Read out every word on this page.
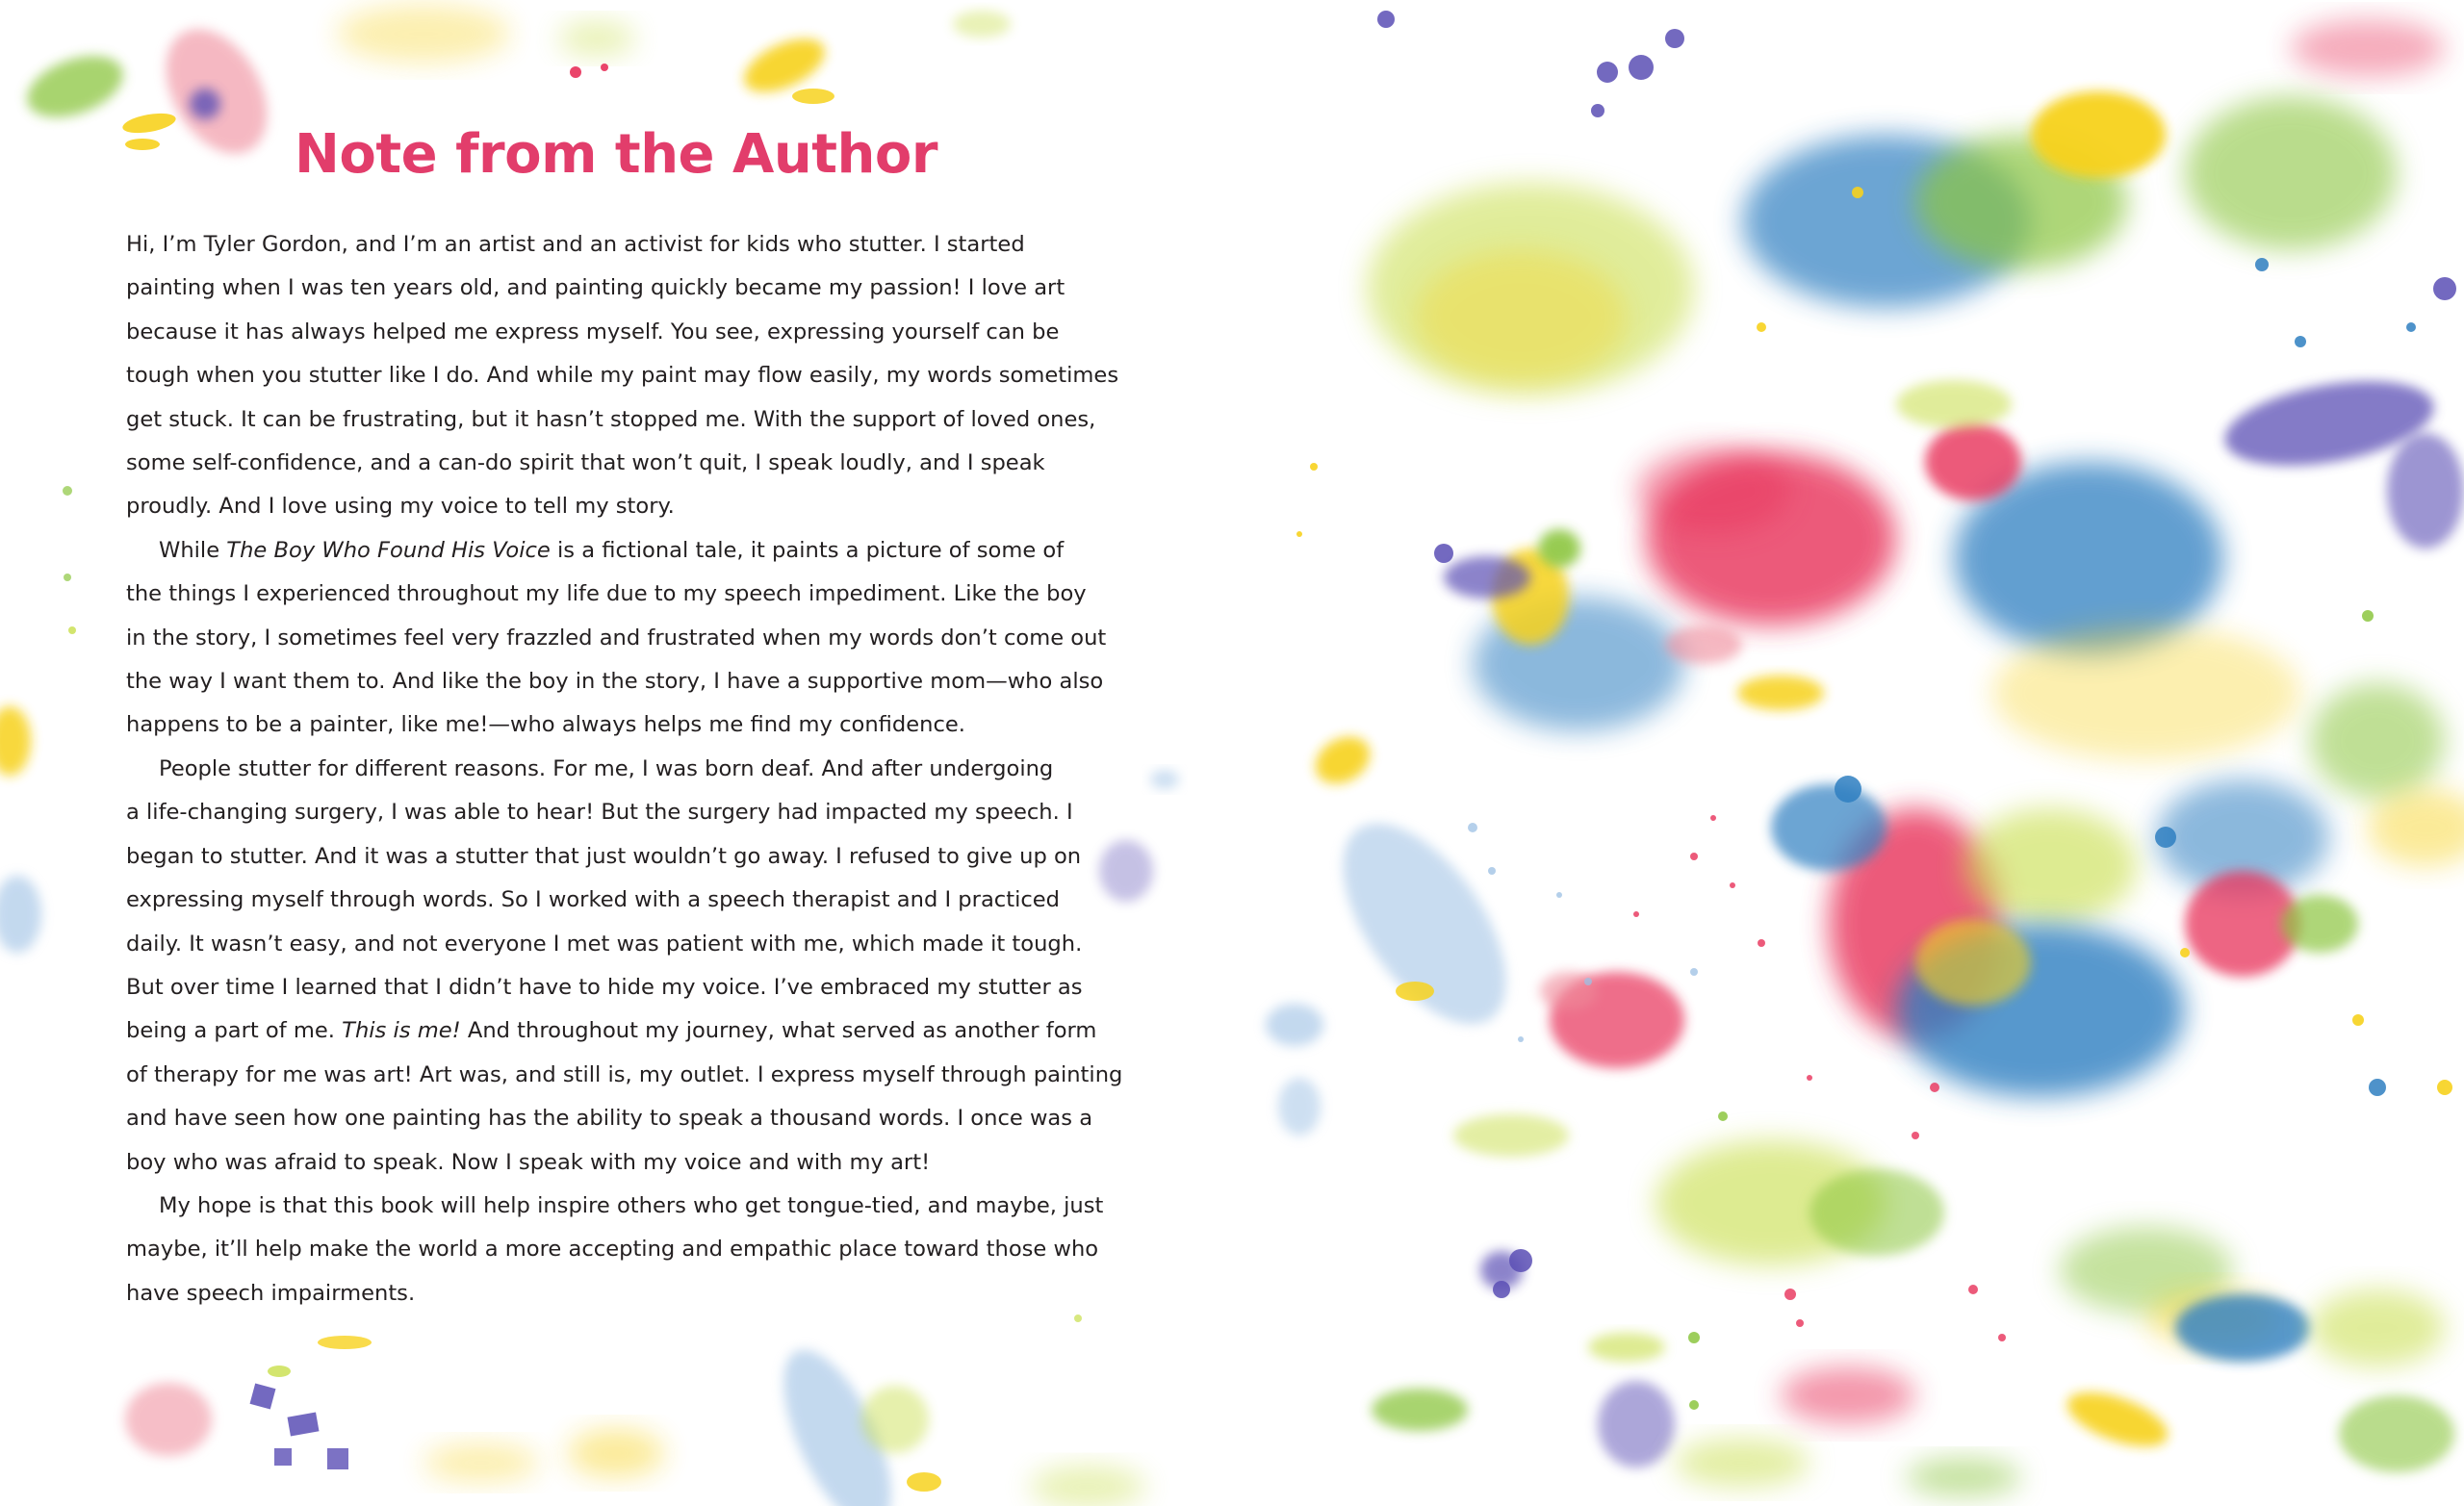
Note from the Author

Hi, I’m Tyler Gordon, and I’m an artist and an activist for kids who stutter. I started
painting when I was ten years old, and painting quickly became my passion! I love art
because it has always helped me express myself. You see, expressing yourself can be
tough when you stutter like I do. And while my paint may flow easily, my words sometimes
get stuck. It can be frustrating, but it hasn’t stopped me. With the support of loved ones,
some self-confidence, and a can-do spirit that won’t quit, I speak loudly, and I speak
proudly. And I love using my voice to tell my story.

While The Boy Who Found His Voice is a fictional tale, it paints a picture of some of
the things I experienced throughout my life due to my speech impediment. Like the boy
in the story, I sometimes feel very frazzled and frustrated when my words don’t come out
the way I want them to. And like the boy in the story, I have a supportive mom—who also
happens to be a painter, like me!—who always helps me find my confidence.

People stutter for different reasons. For me, I was born deaf. And after undergoing
a life-changing surgery, I was able to hear! But the surgery had impacted my speech. I
began to stutter. And it was a stutter that just wouldn’t go away. I refused to give up on
expressing myself through words. So I worked with a speech therapist and I practiced
daily. It wasn’t easy, and not everyone I met was patient with me, which made it tough.
But over time I learned that I didn’t have to hide my voice. I’ve embraced my stutter as
being a part of me. This is me! And throughout my journey, what served as another form
of therapy for me was art! Art was, and still is, my outlet. I express myself through painting
and have seen how one painting has the ability to speak a thousand words. I once was a
boy who was afraid to speak. Now I speak with my voice and with my art!

My hope is that this book will help inspire others who get tongue-tied, and maybe, just
maybe, it’ll help make the world a more accepting and empathic place toward those who
have speech impairments.
